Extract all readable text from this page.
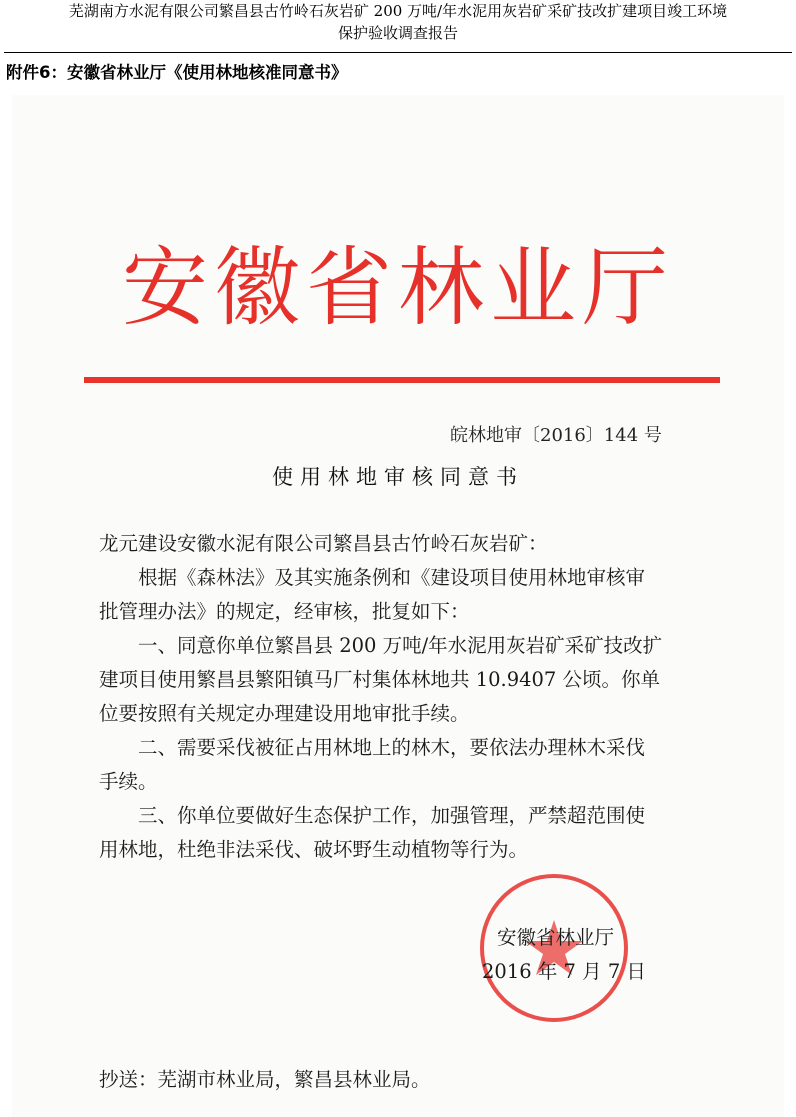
芜湖南方水泥有限公司繁昌县古竹岭石灰岩矿 200 万吨/年水泥用灰岩矿采矿技改扩建项目竣工环境
保护验收调查报告
附件6：安徽省林业厅《使用林地核准同意书》
安徽省林业厅
皖林地审〔2016〕144 号
使用林地审核同意书
龙元建设安徽水泥有限公司繁昌县古竹岭石灰岩矿：
根据《森林法》及其实施条例和《建设项目使用林地审核审
批管理办法》的规定，经审核，批复如下：
一、同意你单位繁昌县 200 万吨/年水泥用灰岩矿采矿技改扩
建项目使用繁昌县繁阳镇马厂村集体林地共 10.9407 公顷。你单
位要按照有关规定办理建设用地审批手续。
二、需要采伐被征占用林地上的林木，要依法办理林木采伐
手续。
三、你单位要做好生态保护工作，加强管理，严禁超范围使
用林地，杜绝非法采伐、破坏野生动植物等行为。
安徽省林业厅
2016 年 7 月 7 日
抄送：芜湖市林业局，繁昌县林业局。
